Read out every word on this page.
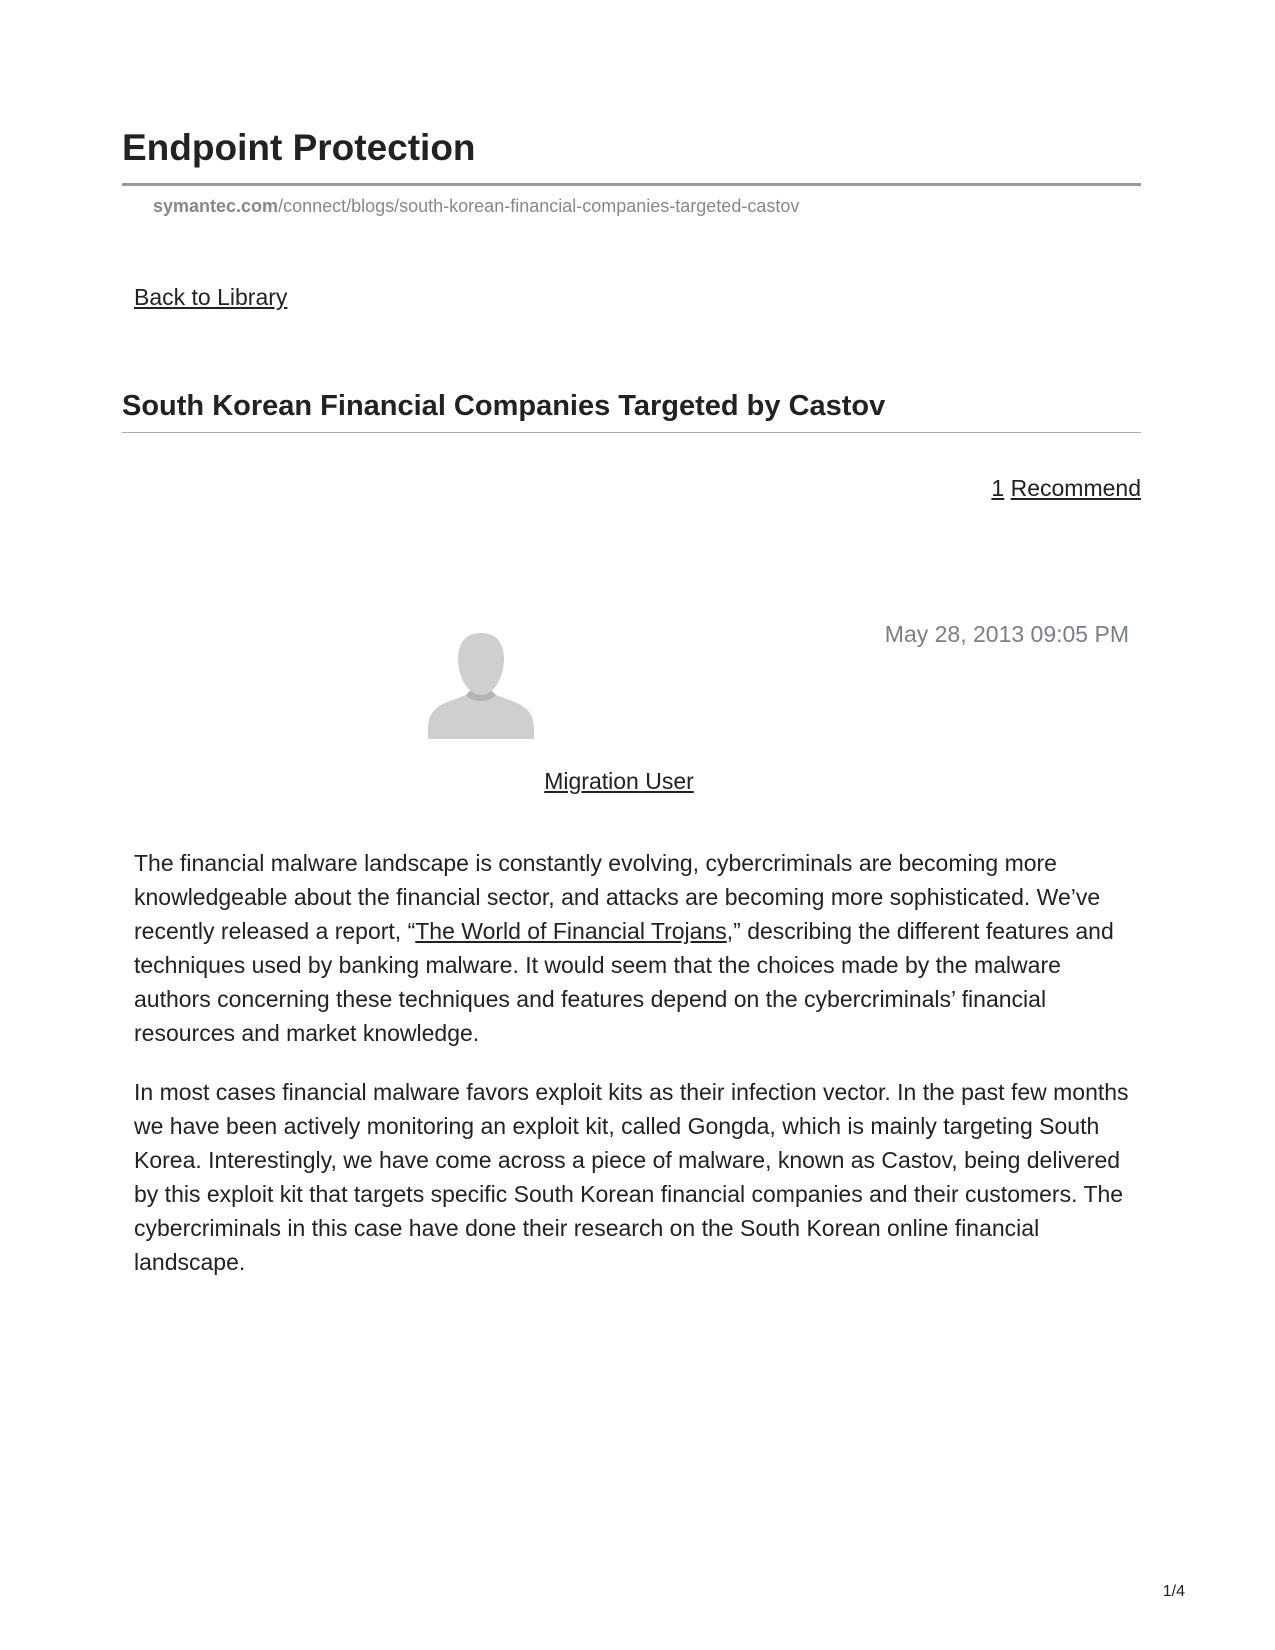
Endpoint Protection
symantec.com/connect/blogs/south-korean-financial-companies-targeted-castov
Back to Library
South Korean Financial Companies Targeted by Castov
1 Recommend
May 28, 2013 09:05 PM
Migration User

The financial malware landscape is constantly evolving, cybercriminals are becoming more knowledgeable about the financial sector, and attacks are becoming more sophisticated. We’ve recently released a report, “The World of Financial Trojans,” describing the different features and techniques used by banking malware. It would seem that the choices made by the malware authors concerning these techniques and features depend on the cybercriminals’ financial resources and market knowledge.

In most cases financial malware favors exploit kits as their infection vector. In the past few months we have been actively monitoring an exploit kit, called Gongda, which is mainly targeting South Korea. Interestingly, we have come across a piece of malware, known as Castov, being delivered by this exploit kit that targets specific South Korean financial companies and their customers. The cybercriminals in this case have done their research on the South Korean online financial landscape.

1/4
